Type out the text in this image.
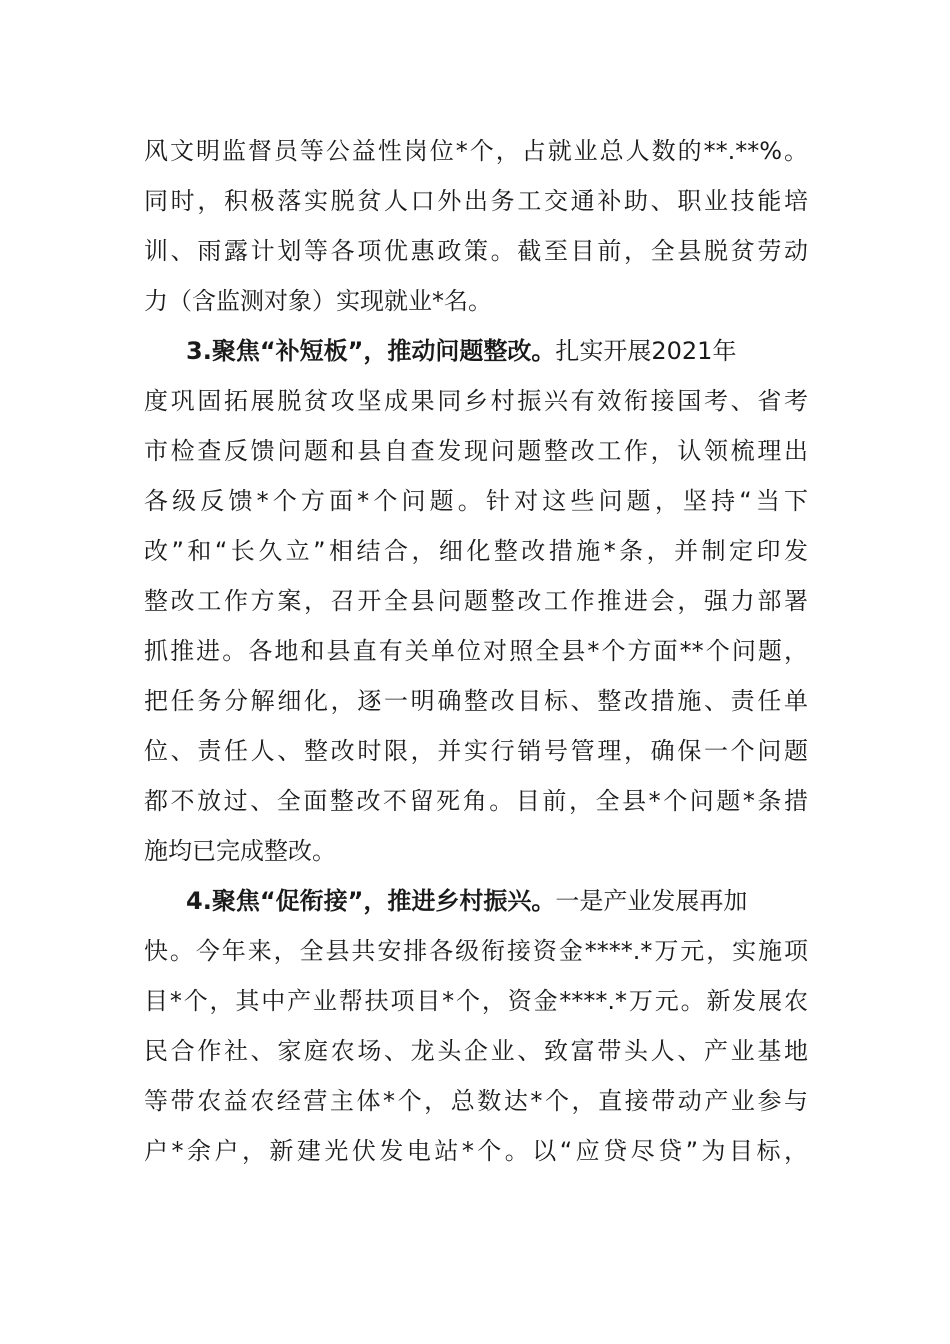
风文明监督员等公益性岗位*个，占就业总人数的**.**%。
同时，积极落实脱贫人口外出务工交通补助、职业技能培
训、雨露计划等各项优惠政策。截至目前，全县脱贫劳动
力（含监测对象）实现就业*名。
3.聚焦“补短板”，推动问题整改。扎实开展2021年
度巩固拓展脱贫攻坚成果同乡村振兴有效衔接国考、省考
市检查反馈问题和县自查发现问题整改工作，认领梳理出
各级反馈*个方面*个问题。针对这些问题，坚持“当下
改”和“长久立”相结合，细化整改措施*条，并制定印发
整改工作方案，召开全县问题整改工作推进会，强力部署
抓推进。各地和县直有关单位对照全县*个方面**个问题，
把任务分解细化，逐一明确整改目标、整改措施、责任单
位、责任人、整改时限，并实行销号管理，确保一个问题
都不放过、全面整改不留死角。目前，全县*个问题*条措
施均已完成整改。
4.聚焦“促衔接”，推进乡村振兴。一是产业发展再加
快。今年来，全县共安排各级衔接资金****.*万元，实施项
目*个，其中产业帮扶项目*个，资金****.*万元。新发展农
民合作社、家庭农场、龙头企业、致富带头人、产业基地
等带农益农经营主体*个，总数达*个，直接带动产业参与
户*余户，新建光伏发电站*个。以“应贷尽贷”为目标，
